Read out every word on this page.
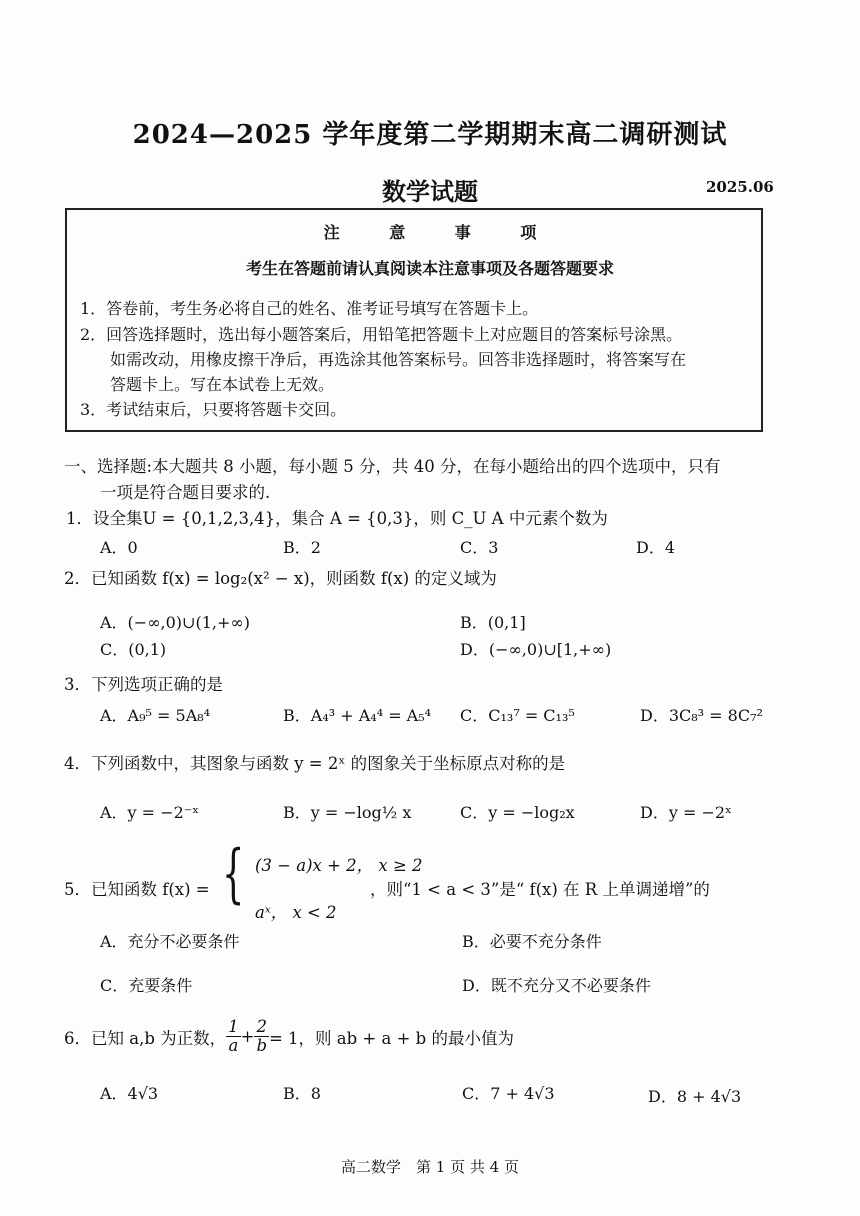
2024—2025 学年度第二学期期末高二调研测试
数学试题	2025.06
注 意 事 项
考生在答题前请认真阅读本注意事项及各题答题要求
1．答卷前，考生务必将自己的姓名、准考证号填写在答题卡上。
2．回答选择题时，选出每小题答案后，用铅笔把答题卡上对应题目的答案标号涂黑。
如需改动，用橡皮擦干净后，再选涂其他答案标号。回答非选择题时，将答案写在
答题卡上。写在本试卷上无效。
3．考试结束后，只要将答题卡交回。
一、选择题:本大题共 8 小题，每小题 5 分，共 40 分，在每小题给出的四个选项中，只有
一项是符合题目要求的.
1．设全集U = {0,1,2,3,4}，集合 A = {0,3}，则 C_U A 中元素个数为
A．0	B．2	C．3	D．4
2．已知函数 f(x) = log₂(x² − x)，则函数 f(x) 的定义域为
A．(−∞,0)∪(1,+∞)	B．(0,1]
C．(0,1)	D．(−∞,0)∪[1,+∞)
3．下列选项正确的是
A．A₉⁵ = 5A₈⁴	B．A₄³ + A₄⁴ = A₅⁴ C．C₁₃⁷ = C₁₃⁵	D．3C₈³ = 8C₇²
4．下列函数中，其图象与函数 y = 2ˣ 的图象关于坐标原点对称的是
A．y = −2⁻ˣ	B．y = −log½ x	C．y = −log₂x	D．y = −2ˣ
5．已知函数 f(x) = { (3 − a)x + 2， x ≥ 2
aˣ， x < 2
，则“1 < a < 3”是“ f(x) 在 R 上单调递增”的
A．充分不必要条件	B．必要不充分条件
C．充要条件	D．既不充分又不必要条件
6．已知 a,b 为正数， $\frac{1}{a} + \frac{2}{b} = 1$，则 ab + a + b 的最小值为
A．4√3	B．8	C．7 + 4√3	D．8 + 4√3
高二数学　第 1 页 共 4 页
